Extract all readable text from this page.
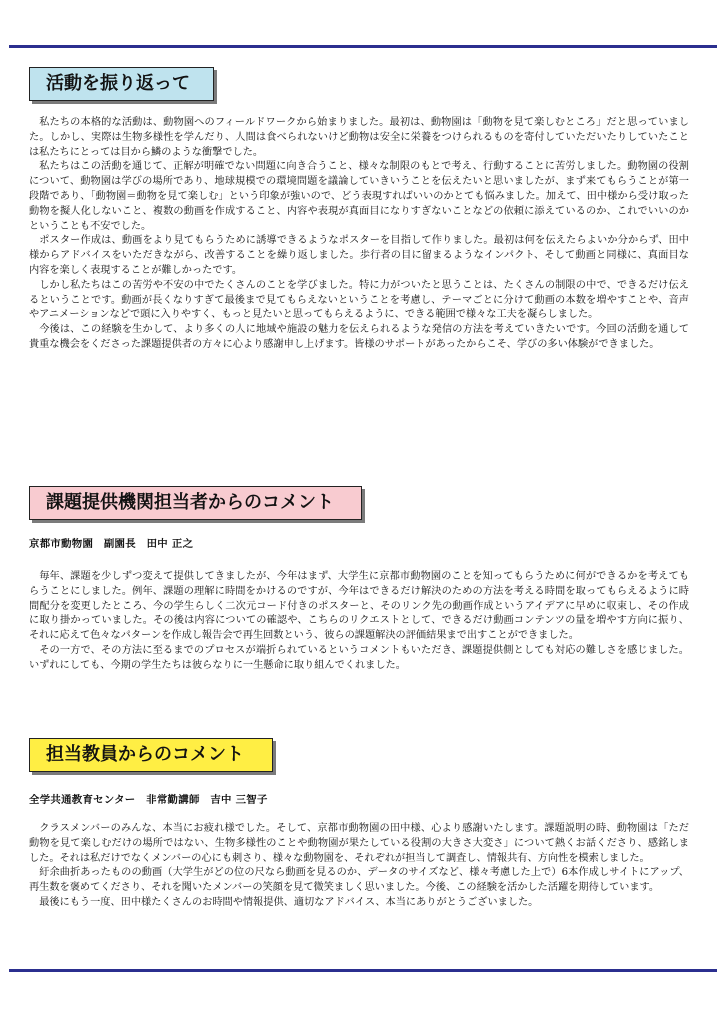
活動を振り返って

私たちの本格的な活動は、動物園へのフィールドワークから始まりました。最初は、動物園は「動物を見て楽しむところ」だと思っていました。しかし、実際は生物多様性を学んだり、人間は食べられないけど動物は安全に栄養をつけられるものを寄付していただいたりしていたことは私たちにとっては目から鱗のような衝撃でした。

私たちはこの活動を通じて、正解が明確でない問題に向き合うこと、様々な制限のもとで考え、行動することに苦労しました。動物園の役割について、動物園は学びの場所であり、地球規模での環境問題を議論していきいうことを伝えたいと思いましたが、まず来てもらうことが第一段階であり、「動物園＝動物を見て楽しむ」という印象が強いので、どう表現すればいいのかとても悩みました。加えて、田中様から受け取った動物を擬人化しないこと、複数の動画を作成すること、内容や表現が真面目になりすぎないことなどの依頼に添えているのか、これでいいのかということも不安でした。

ポスター作成は、動画をより見てもらうために誘導できるようなポスターを目指して作りました。最初は何を伝えたらよいか分からず、田中様からアドバイスをいただきながら、改善することを繰り返しました。歩行者の目に留まるようなインパクト、そして動画と同様に、真面目な内容を楽しく表現することが難しかったです。

しかし私たちはこの苦労や不安の中でたくさんのことを学びました。特に力がついたと思うことは、たくさんの制限の中で、できるだけ伝えるということです。動画が長くなりすぎて最後まで見てもらえないということを考慮し、テーマごとに分けて動画の本数を増やすことや、音声やアニメーションなどで頭に入りやすく、もっと見たいと思ってもらえるように、できる範囲で様々な工夫を凝らしました。

今後は、この経験を生かして、より多くの人に地域や施設の魅力を伝えられるような発信の方法を考えていきたいです。今回の活動を通して貴重な機会をくださった課題提供者の方々に心より感謝申し上げます。皆様のサポートがあったからこそ、学びの多い体験ができました。

課題提供機関担当者からのコメント
京都市動物園　副園長　田中 正之

毎年、課題を少しずつ変えて提供してきましたが、今年はまず、大学生に京都市動物園のことを知ってもらうために何ができるかを考えてもらうことにしました。例年、課題の理解に時間をかけるのですが、今年はできるだけ解決のための方法を考える時間を取ってもらえるように時間配分を変更したところ、今の学生らしく二次元コード付きのポスターと、そのリンク先の動画作成というアイデアに早めに収束し、その作成に取り掛かっていました。その後は内容についての確認や、こちらのリクエストとして、できるだけ動画コンテンツの量を増やす方向に振り、それに応えて色々なパターンを作成し報告会で再生回数という、彼らの課題解決の評価結果まで出すことができました。

その一方で、その方法に至るまでのプロセスが端折られているというコメントもいただき、課題提供側としても対応の難しさを感じました。いずれにしても、今期の学生たちは彼らなりに一生懸命に取り組んでくれました。

担当教員からのコメント
全学共通教育センター　非常勤講師　吉中 三智子

クラスメンバーのみんな、本当にお疲れ様でした。そして、京都市動物園の田中様、心より感謝いたします。課題説明の時、動物園は「ただ動物を見て楽しむだけの場所ではない、生物多様性のことや動物園が果たしている役割の大きさ大変さ」について熱くお話くださり、感銘しました。それは私だけでなくメンバーの心にも刺さり、様々な動物園を、それぞれが担当して調査し、情報共有、方向性を模索しました。

紆余曲折あったものの動画（大学生がどの位の尺なら動画を見るのか、データのサイズなど、様々考慮した上で）6本作成しサイトにアップ、再生数を褒めてくださり、それを聞いたメンバーの笑顔を見て微笑ましく思いました。今後、この経験を活かした活躍を期待しています。

最後にもう一度、田中様たくさんのお時間や情報提供、適切なアドバイス、本当にありがとうございました。
